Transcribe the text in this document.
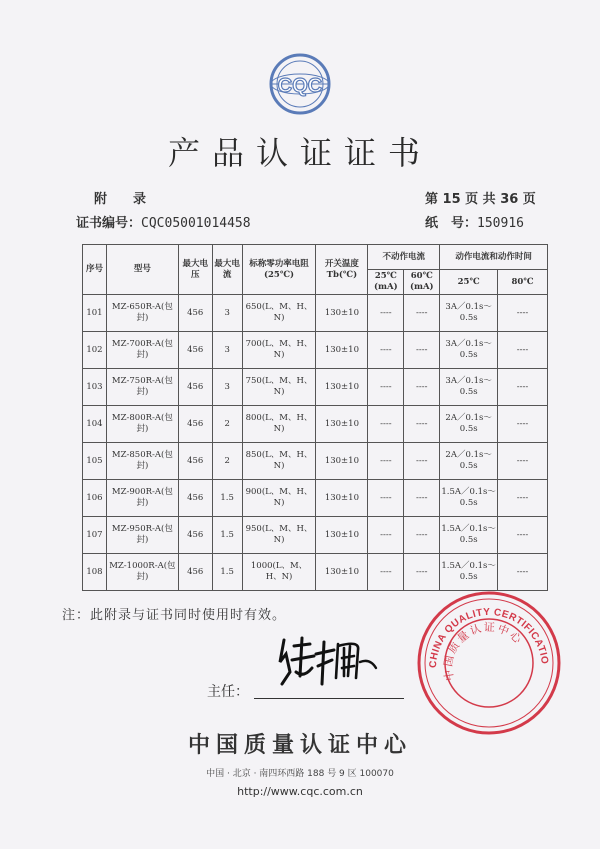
CQC
产品认证证书
附　　录	第 15 页 共 36 页
证书编号：CQC05001014458	纸　号：150916
序号	型号	最大电压	最大电流	标称零功率电阻(25℃)	开关温度Tb(℃)	不动作电流		动作电流和动作时间	
						25℃(mA)	60℃(mA)	25℃	80℃
101	MZ-650R-A(包封)	456	3	650(L、M、H、N)	130±10	----	----	3A／0.1s～0.5s	----
102	MZ-700R-A(包封)	456	3	700(L、M、H、N)	130±10	----	----	3A／0.1s～0.5s	----
103	MZ-750R-A(包封)	456	3	750(L、M、H、N)	130±10	----	----	3A／0.1s～0.5s	----
104	MZ-800R-A(包封)	456	2	800(L、M、H、N)	130±10	----	----	2A／0.1s～0.5s	----
105	MZ-850R-A(包封)	456	2	850(L、M、H、N)	130±10	----	----	2A／0.1s～0.5s	----
106	MZ-900R-A(包封)	456	1.5	900(L、M、H、N)	130±10	----	----	1.5A／0.1s～0.5s	----
107	MZ-950R-A(包封)	456	1.5	950(L、M、H、N)	130±10	----	----	1.5A／0.1s～0.5s	----
108	MZ-1000R-A(包封)	456	1.5	1000(L、M、H、N)	130±10	----	----	1.5A／0.1s～0.5s	----
注：此附录与证书同时使用时有效。
主任：
CHINA QUALITY CERTIFICATIO
中国质量认证中心
中国质量认证中心
中国 · 北京 · 南四环西路 188 号 9 区 100070
http://www.cqc.com.cn
